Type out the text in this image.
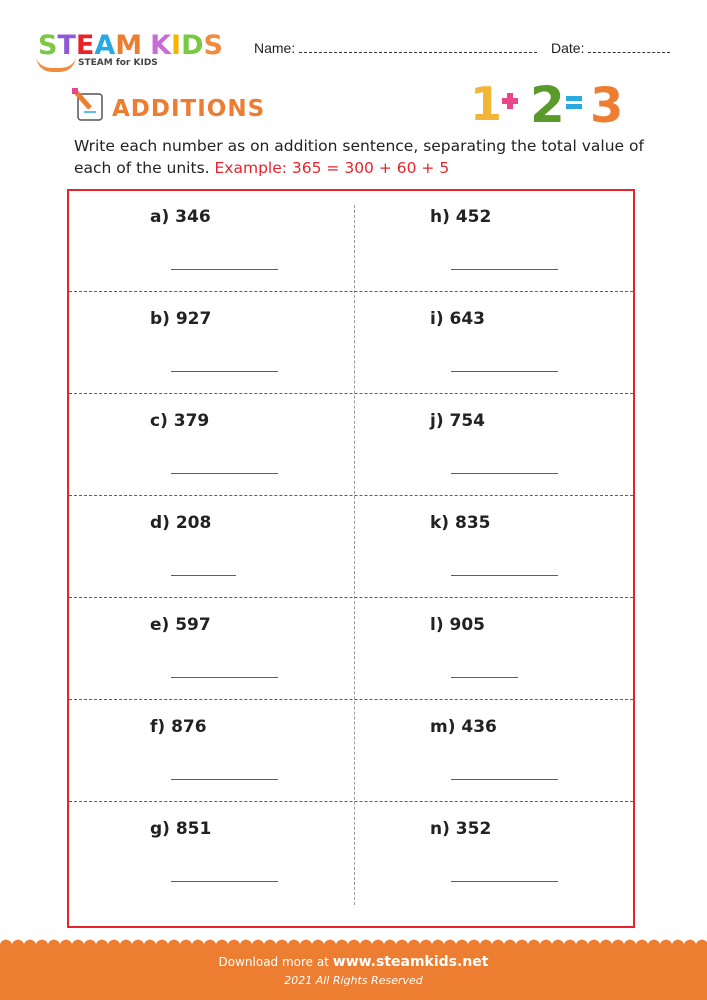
STEAM KIDS
STEAM for KIDS
Name:	Date:
ADDITIONS	1 2 3
Write each number as on addition sentence, separating the total value of each of the units. Example: 365 = 300 + 60 + 5
a) 346	h) 452
b) 927	i) 643
c) 379	j) 754
d) 208	k) 835
e) 597	l) 905
f) 876	m) 436
g) 851	n) 352
Download more at www.steamkids.net
2021 All Rights Reserved
